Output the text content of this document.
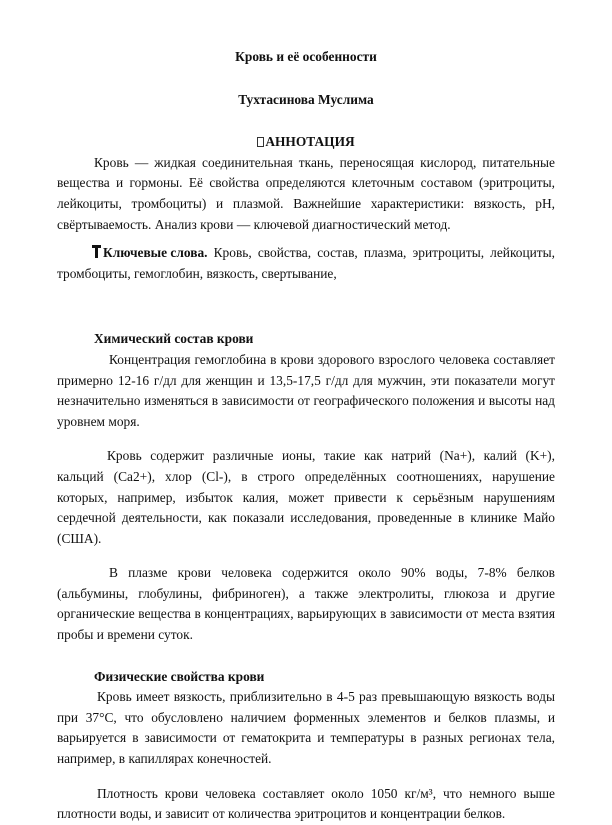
Кровь и её особенности
Тухтасинова Муслима
АННОТАЦИЯ

Кровь — жидкая соединительная ткань, переносящая кислород, питательные вещества и гормоны. Её свойства определяются клеточным составом (эритроциты, лейкоциты, тромбоциты) и плазмой. Важнейшие характеристики: вязкость, pH, свёртываемость. Анализ крови — ключевой диагностический метод.

Ключевые слова. Кровь, свойства, состав, плазма, эритроциты, лейкоциты, тромбоциты, гемоглобин, вязкость, свертывание,

Химический состав крови

Концентрация гемоглобина в крови здорового взрослого человека составляет примерно 12-16 г/дл для женщин и 13,5-17,5 г/дл для мужчин, эти показатели могут незначительно изменяться в зависимости от географического положения и высоты над уровнем моря.

Кровь содержит различные ионы, такие как натрий (Na+), калий (K+), кальций (Ca2+), хлор (Cl-), в строго определённых соотношениях, нарушение которых, например, избыток калия, может привести к серьёзным нарушениям сердечной деятельности, как показали исследования, проведенные в клинике Майо (США).

В плазме крови человека содержится около 90% воды, 7-8% белков (альбумины, глобулины, фибриноген), а также электролиты, глюкоза и другие органические вещества в концентрациях, варьирующих в зависимости от места взятия пробы и времени суток.

Физические свойства крови

Кровь имеет вязкость, приблизительно в 4-5 раз превышающую вязкость воды при 37°C, что обусловлено наличием форменных элементов и белков плазмы, и варьируется в зависимости от гематокрита и температуры в разных регионах тела, например, в капиллярах конечностей.

Плотность крови человека составляет около 1050 кг/м³, что немного выше плотности воды, и зависит от количества эритроцитов и концентрации белков.
